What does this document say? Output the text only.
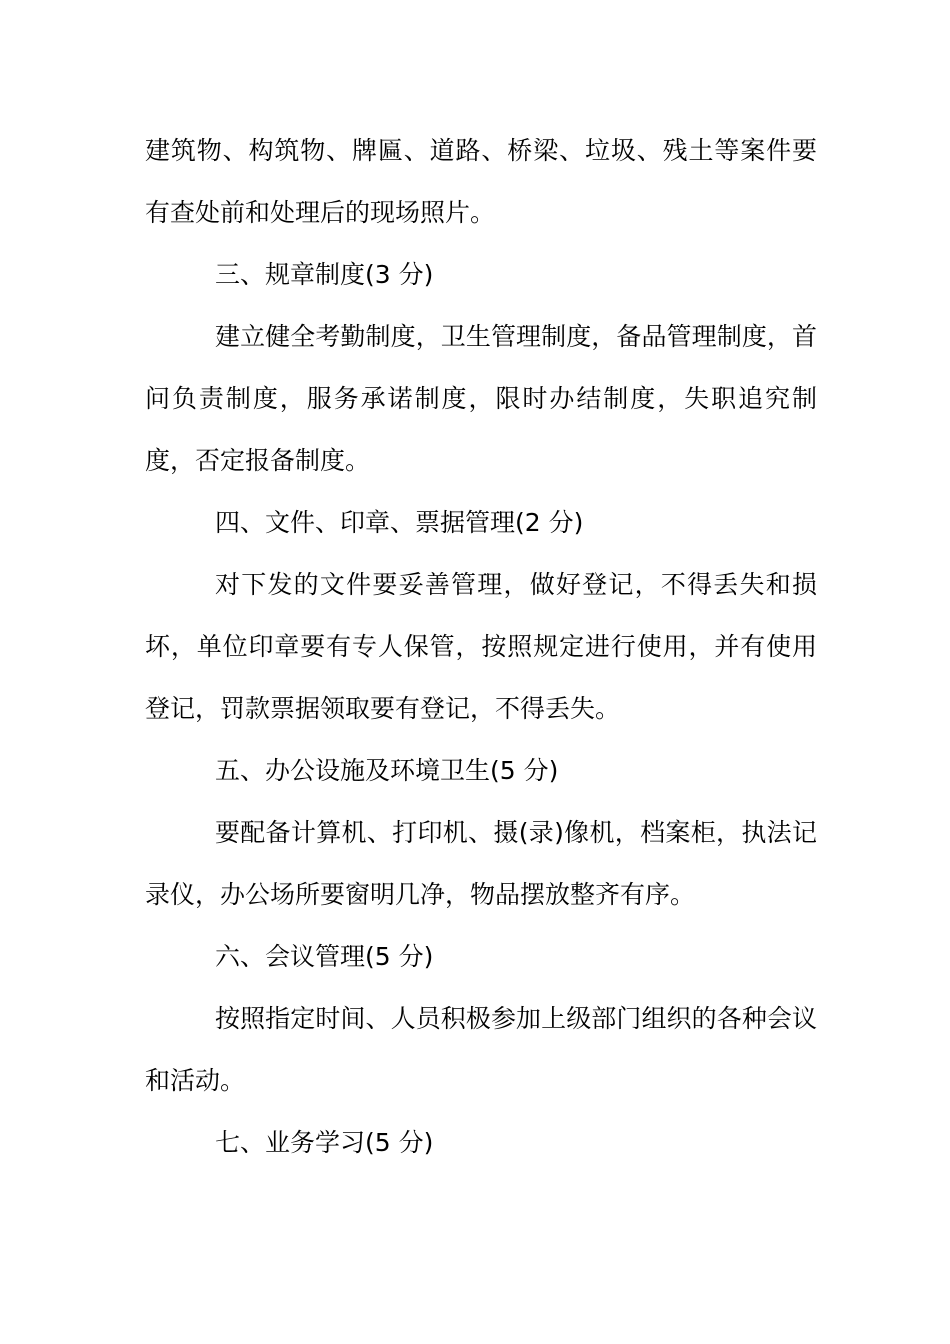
建筑物、构筑物、牌匾、道路、桥梁、垃圾、残土等案件要有查处前和处理后的现场照片。

三、规章制度(3 分)

建立健全考勤制度，卫生管理制度，备品管理制度，首问负责制度，服务承诺制度，限时办结制度，失职追究制度，否定报备制度。

四、文件、印章、票据管理(2 分)

对下发的文件要妥善管理，做好登记，不得丢失和损坏，单位印章要有专人保管，按照规定进行使用，并有使用登记，罚款票据领取要有登记，不得丢失。

五、办公设施及环境卫生(5 分)

要配备计算机、打印机、摄(录)像机，档案柜，执法记录仪，办公场所要窗明几净，物品摆放整齐有序。

六、会议管理(5 分)

按照指定时间、人员积极参加上级部门组织的各种会议和活动。

七、业务学习(5 分)
